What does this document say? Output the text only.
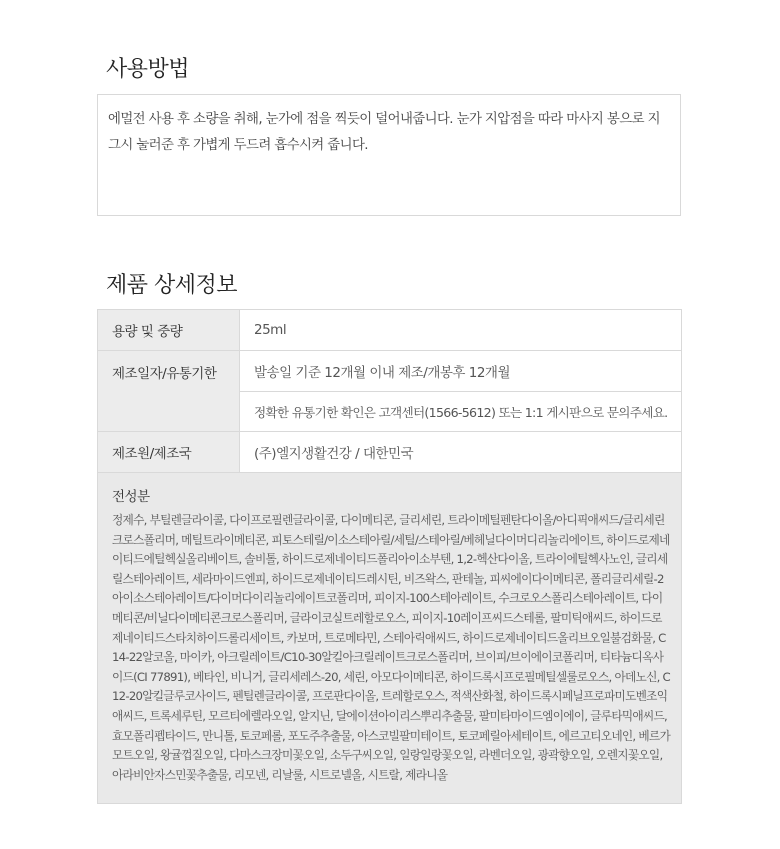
사용방법
에멀전 사용 후 소량을 취해, 눈가에 점을 찍듯이 덜어내줍니다. 눈가 지압점을 따라 마사지 봉으로 지그시 눌러준 후 가볍게 두드려 흡수시켜 줍니다.
제품 상세정보
용량 및 중량	25ml
제조일자/유통기한	발송일 기준 12개월 이내 제조/개봉후 12개월
정확한 유통기한 확인은 고객센터(1566-5612) 또는 1:1 게시판으로 문의주세요.
제조원/제조국	(주)엘지생활건강 / 대한민국
전성분
정제수, 부틸렌글라이콜, 다이프로필렌글라이콜, 다이메티콘, 글리세린, 트라이메틸펜탄다이올/아디픽애씨드/글리세린크로스폴리머, 메틸트라이메티콘, 피토스테릴/이소스테아릴/세틸/스테아릴/베헤닐다이머디리놀리에이트, 하이드로제네이티드에틸헥실올리베이트, 솔비톨, 하이드로제네이티드폴리아이소부텐, 1,2-헥산다이올, 트라이에틸헥사노인, 글리세릴스테아레이트, 세라마이드엔피, 하이드로제네이티드레시틴, 비즈왁스, 판테놀, 피씨에이다이메티콘, 폴리글리세릴-2아이소스테아레이트/다이머다이리놀리에이트코폴리머, 피이지-100스테아레이트, 수크로오스폴리스테아레이트, 다이메티콘/비닐다이메티콘크로스폴리머, 글라이코실트레할로오스, 피이지-10레이프씨드스테롤, 팔미틱애씨드, 하이드로제네이티드스타치하이드롤리세이트, 카보머, 트로메타민, 스테아릭애씨드, 하이드로제네이티드올리브오일불검화물, C14-22알코올, 마이카, 아크릴레이트/C10-30알킬아크릴레이트크로스폴리머, 브이피/브이에이코폴리머, 티타늄디옥사이드(CI 77891), 베타인, 비니거, 글리세레스-20, 세린, 아모다이메티콘, 하이드록시프로필메틸셀룰로오스, 아데노신, C12-20알킬글루코사이드, 펜틸렌글라이콜, 프로판다이올, 트레할로오스, 적색산화철, 하이드록시페닐프로파미도벤조익애씨드, 트록세루틴, 모르티에렐라오일, 알지닌, 달에이션아이리스뿌리추출물, 팔미타마이드엠이에이, 글루타믹애씨드, 효모폴리펩타이드, 만니톨, 토코페롤, 포도주추출물, 아스코빌팔미테이트, 토코페릴아세테이트, 에르고티오네인, 베르가모트오일, 왕귤껍질오일, 다마스크장미꽃오일, 소두구씨오일, 일랑일랑꽃오일, 라벤더오일, 광곽향오일, 오렌지꽃오일, 아라비안자스민꽃추출물, 리모넨, 리날룰, 시트로넬올, 시트랄, 제라니올
